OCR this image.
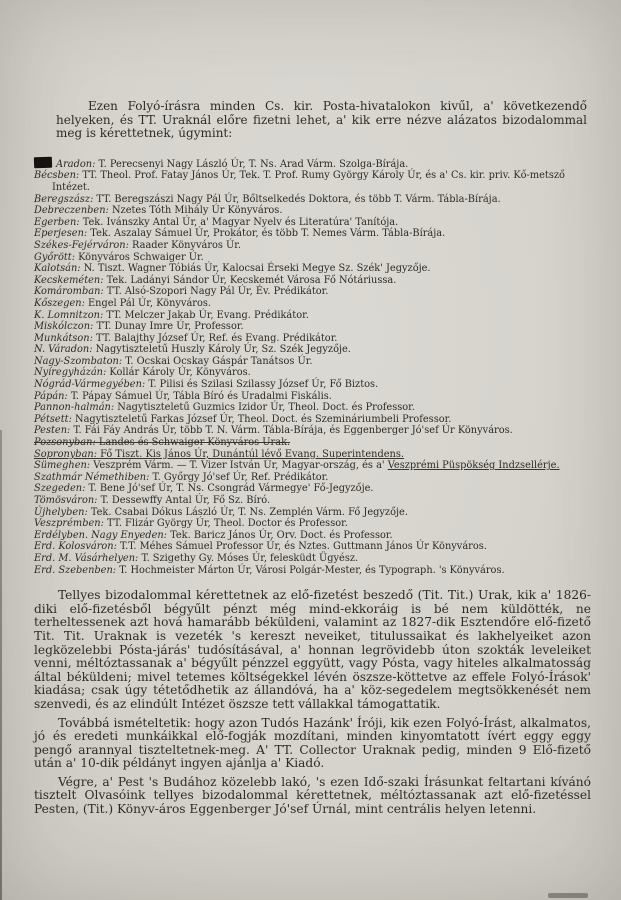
Ezen Folyó-írásra minden Cs. kir. Posta-hivatalokon kivűl, a' következendő helyeken, és TT. Uraknál előre fizetni lehet, a' kik erre nézve alázatos bizodalommal meg is kérettetnek, úgymint:

Aradon: T. Perecsenyi Nagy László Úr, T. Ns. Arad Várm. Szolga-Bírája.
Bécsben: TT. Theol. Prof. Fatay János Úr, Tek. T. Prof. Rumy György Károly Úr, és a' Cs. kir. priv. Kő-metsző Intézet.
Beregszász: TT. Beregszászi Nagy Pál Úr, Bőltselkedés Doktora, és több T. Várm. Tábla-Bírája.
Debreczenben: Nzetes Tóth Mihály Úr Könyváros.
Egerben: Tek. Ivánszky Antal Úr, a' Magyar Nyelv és Literatúra' Tanítója.
Eperjesen: Tek. Aszalay Sámuel Úr, Prokátor, és több T. Nemes Várm. Tábla-Bírája.
Székes-Fejérváron: Raader Könyváros Úr.
Győrött: Könyváros Schwaiger Úr.
Kalotsán: N. Tiszt. Wagner Tóbiás Úr, Kalocsai Érseki Megye Sz. Szék' Jegyzője.
Kecskeméten: Tek. Ladányi Sándor Úr, Kecskemét Városa Fő Nótáriussa.
Komáromban: TT. Alsó-Szopori Nagy Pál Úr, Év. Prédikátor.
Kőszegen: Engel Pál Úr, Könyváros.
K. Lomnitzon: TT. Melczer Jakab Úr, Evang. Prédikátor.
Miskólczon: TT. Dunay Imre Úr, Professor.
Munkátson: TT. Balajthy József Úr, Ref. és Evang. Prédikátor.
N. Váradon: Nagytiszteletű Huszly Károly Úr, Sz. Szék Jegyzője.
Nagy-Szombaton: T. Ocskai Ocskay Gáspár Tanátsos Úr.
Nyíregyházán: Kollár Károly Úr, Könyváros.
Nógrád-Vármegyében: T. Pilisi és Szilasi Szilassy József Úr, Fő Biztos.
Pápán: T. Pápay Sámuel Úr, Tábla Bíró és Uradalmi Fiskális.
Pannon-halmán: Nagytiszteletű Guzmics Izidor Úr, Theol. Doct. és Professor.
Pétsett: Nagytiszteletű Farkas József Úr, Theol. Doct. és Szemináriumbeli Professor.
Pesten: T. Fái Fáy András Úr, több T. N. Várm. Tábla-Bírája, és Eggenberger Jó'sef Úr Könyváros.
Pozsonyban: Landes és Schwaiger Könyváros Urak.
Sopronyban: Fő Tiszt. Kis János Úr, Dunántúl lévő Evang. Superintendens.
Sümeghen: Veszprém Várm. — T. Vizer István Úr, Magyar-ország, és a' Veszprémi Püspökség Indzsellérje.
Szathmár Némethiben: T. Győrgy Jó'sef Úr, Ref. Prédikátor.
Szegeden: T. Bene Jó'sef Úr, T. Ns. Csongrád Vármegye' Fő-Jegyzője.
Tömösváron: T. Dessewffy Antal Úr, Fő Sz. Bíró.
Újhelyben: Tek. Csabai Dókus László Úr, T. Ns. Zemplén Várm. Fő Jegyzője.
Veszprémben: TT. Flizár György Úr, Theol. Doctor és Professor.
Erdélyben. Nagy Enyeden: Tek. Baricz János Úr, Orv. Doct. és Professor.
Erd. Kolosváron: T.T. Méhes Sámuel Professor Úr, és Nztes. Guttmann János Úr Könyváros.
Erd. M. Vásárhelyen: T. Szigethy Gy. Móses Úr, felesküdt Ügyész.
Erd. Szebenben: T. Hochmeister Márton Úr, Városi Polgár-Mester, és Typograph. 's Könyváros.

Tellyes bizodalommal kérettetnek az elő-fizetést beszedő (Tit. Tit.) Urak, kik a' 1826-diki elő-fizetésből bégyűlt pénzt még mind-ekkoráig is bé nem küldötték, ne terheltessenek azt hová hamarább béküldeni, valamint az 1827-dik Esztendőre elő-fizető Tit. Tit. Uraknak is vezeték 's kereszt neveiket, titulussaikat és lakhelyeiket azon legközelebbi Pósta-járás' tudósításával, a' honnan legrövidebb úton szokták leveleiket venni, méltóztassanak a' bégyűlt pénzzel eggyütt, vagy Pósta, vagy hiteles alkalmatosság által béküldeni; mivel tetemes költségekkel lévén öszsze-köttetve az effele Folyó-Írások' kiadása; csak úgy tétetődhetik az állandóvá, ha a' köz-segedelem megtsökkenését nem szenvedi, és az elindúlt Intézet öszsze tett vállakkal támogattatik.

Továbbá ismételtetik: hogy azon Tudós Hazánk' Íróji, kik ezen Folyó-Írást, alkalmatos, jó és eredeti munkáikkal elő-fogják mozdítani, minden kinyomtatott ívért eggy eggy pengő arannyal tiszteltetnek-meg. A' TT. Collector Uraknak pedig, minden 9 Elő-fizető után a' 10-dik példányt ingyen ajánlja a' Kiadó.

Végre, a' Pest 's Budához közelebb lakó, 's ezen Idő-szaki Írásunkat feltartani kívánó tisztelt Olvasóink tellyes bizodalommal kérettetnek, méltóztassanak azt elő-fizetéssel Pesten, (Tit.) Könyv-áros Eggenberger Jó'sef Úrnál, mint centrális helyen letenni.
